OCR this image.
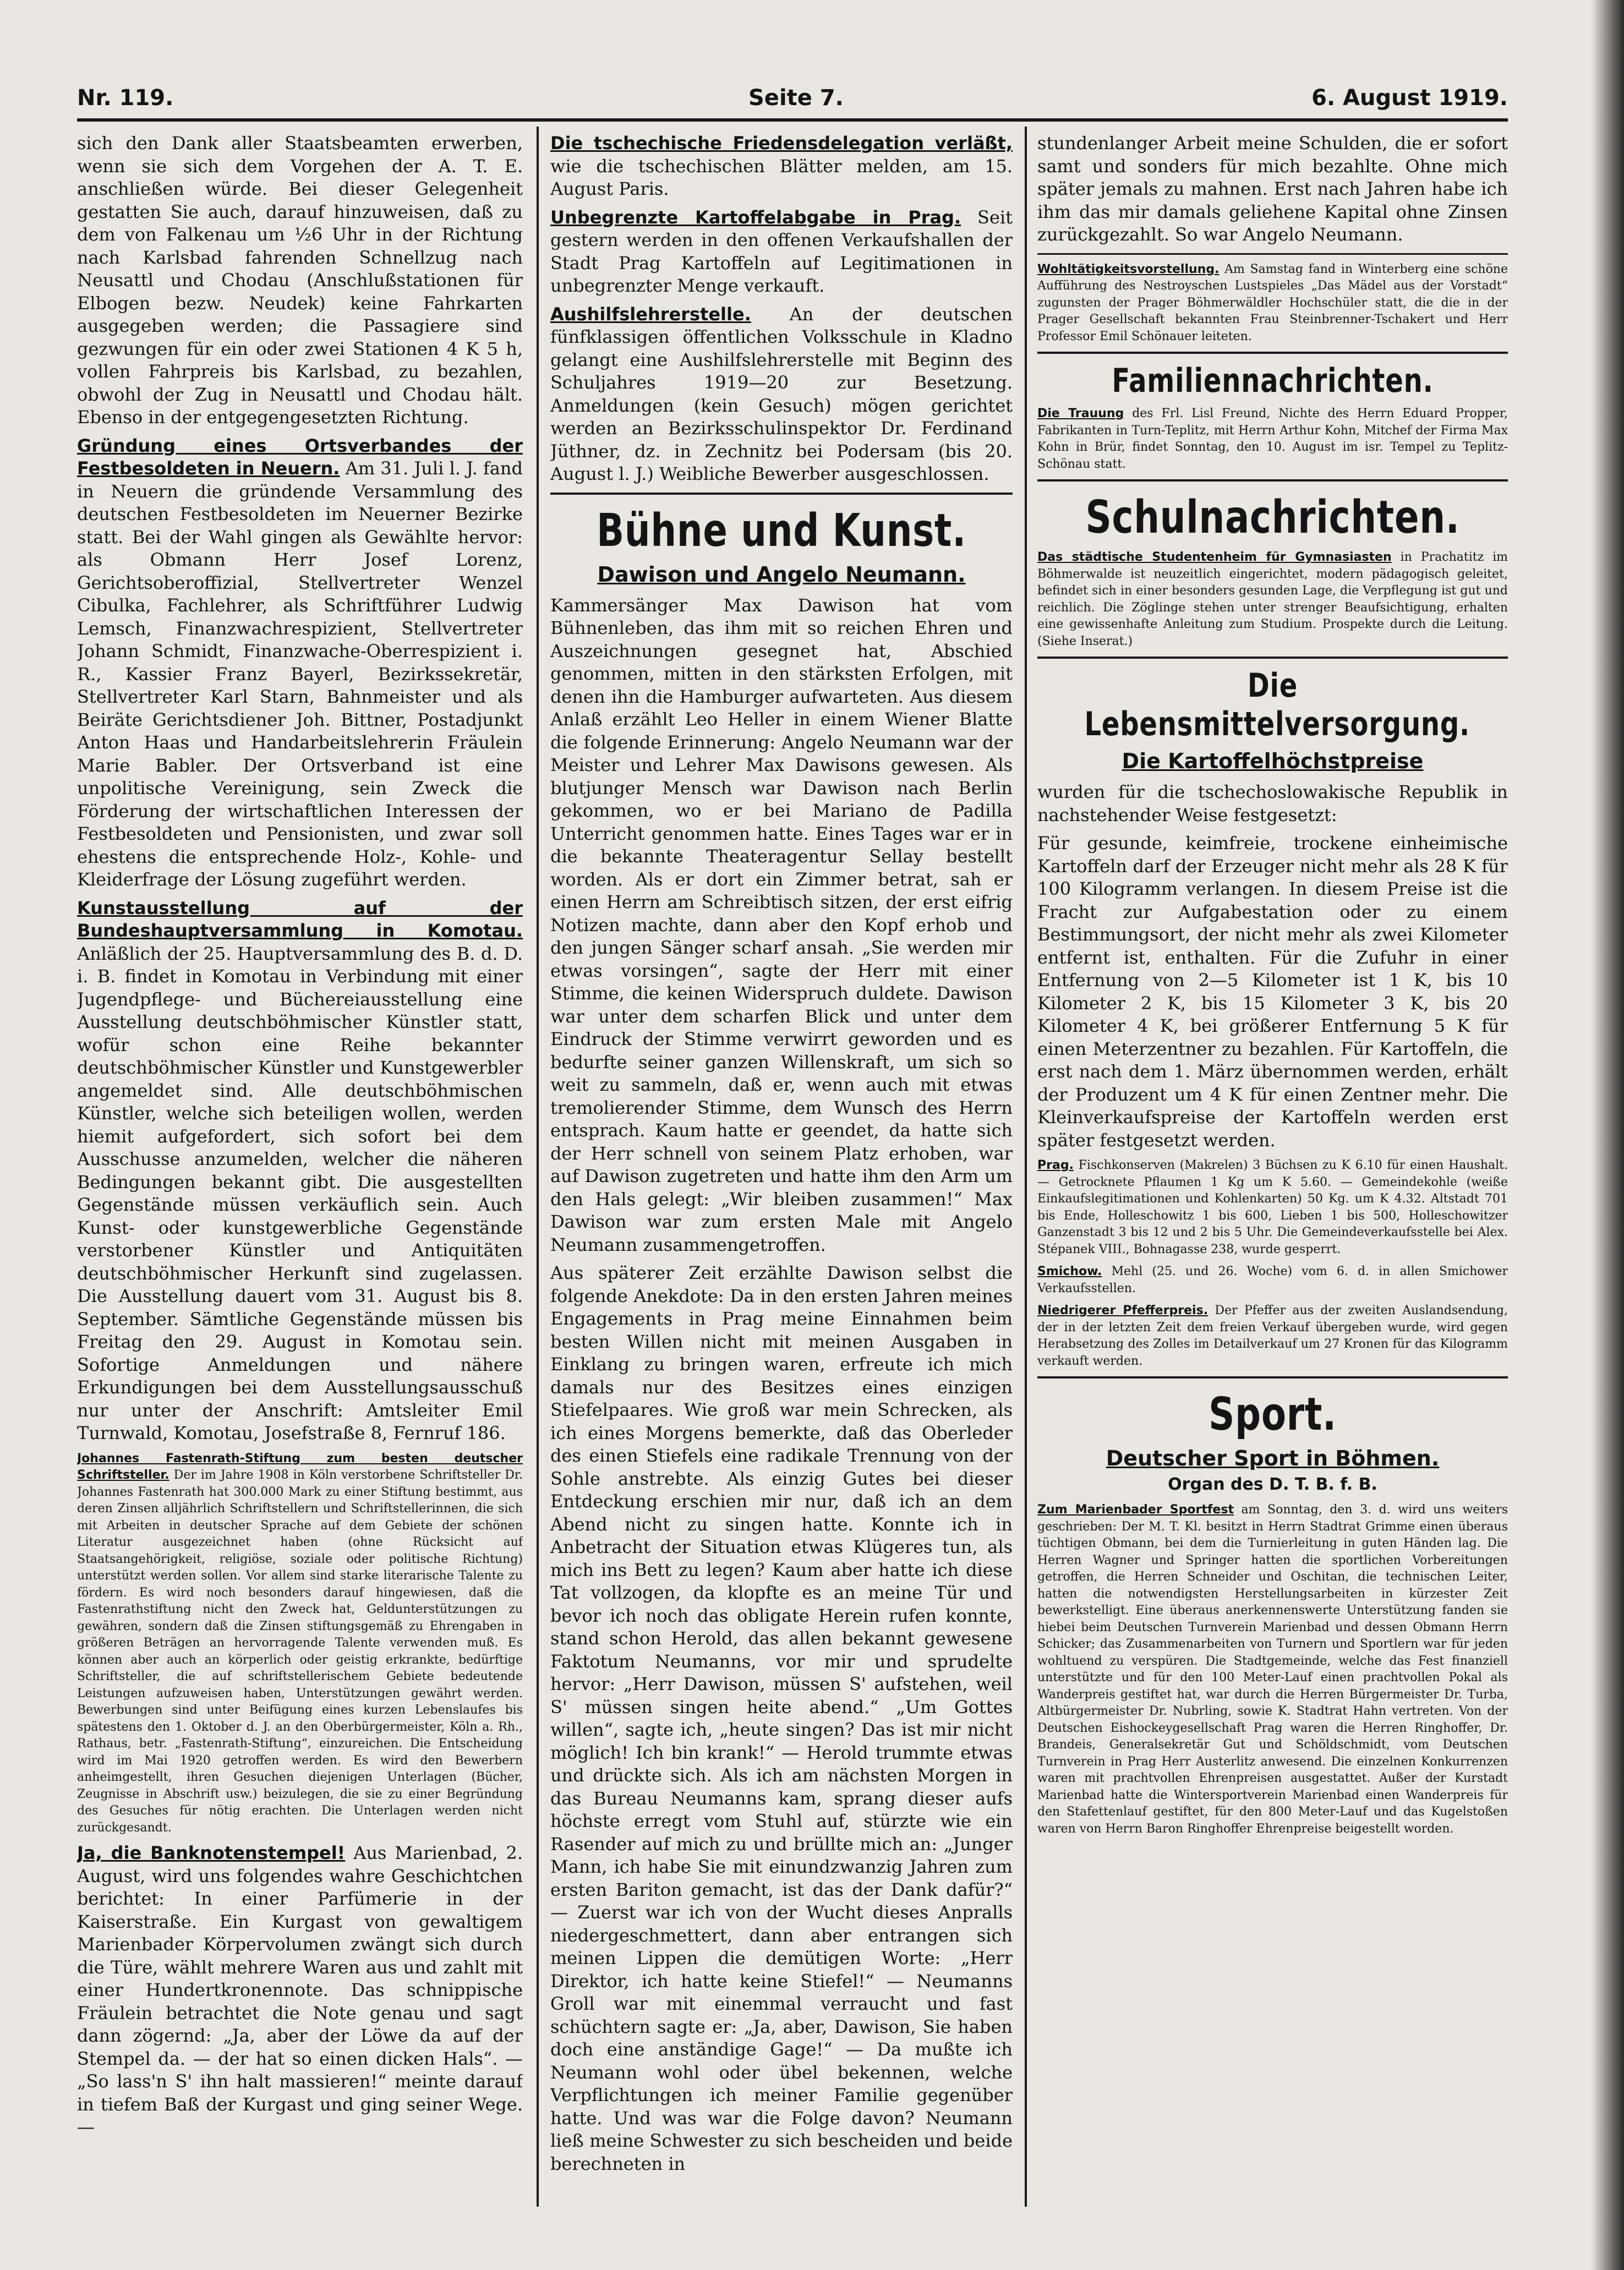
Nr. 119.	Seite 7.	6. August 1919.

sich den Dank aller Staatsbeamten erwerben, wenn sie sich dem Vorgehen der A. T. E. anschließen würde. Bei dieser Gelegenheit gestatten Sie auch, darauf hinzuweisen, daß zu dem von Falkenau um ½6 Uhr in der Richtung nach Karlsbad fahrenden Schnellzug nach Neusattl und Chodau (Anschlußstationen für Elbogen bezw. Neudek) keine Fahrkarten ausgegeben werden; die Passagiere sind gezwungen für ein oder zwei Stationen 4 K 5 h, vollen Fahrpreis bis Karlsbad, zu bezahlen, obwohl der Zug in Neusattl und Chodau hält. Ebenso in der entgegengesetzten Richtung.

Gründung eines Ortsverbandes der Festbesoldeten in Neuern. Am 31. Juli l. J. fand in Neuern die gründende Versammlung des deutschen Festbesoldeten im Neuerner Bezirke statt. Bei der Wahl gingen als Gewählte hervor: als Obmann Herr Josef Lorenz, Gerichtsoberoffizial, Stellvertreter Wenzel Cibulka, Fachlehrer, als Schriftführer Ludwig Lemsch, Finanzwachrespizient, Stellvertreter Johann Schmidt, Finanzwache-Oberrespizient i. R., Kassier Franz Bayerl, Bezirkssekretär, Stellvertreter Karl Starn, Bahnmeister und als Beiräte Gerichtsdiener Joh. Bittner, Postadjunkt Anton Haas und Handarbeitslehrerin Fräulein Marie Babler. Der Ortsverband ist eine unpolitische Vereinigung, sein Zweck die Förderung der wirtschaftlichen Interessen der Festbesoldeten und Pensionisten, und zwar soll ehestens die entsprechende Holz-, Kohle- und Kleiderfrage der Lösung zugeführt werden.

Kunstausstellung auf der Bundeshauptversammlung in Komotau. Anläßlich der 25. Hauptversammlung des B. d. D. i. B. findet in Komotau in Verbindung mit einer Jugendpflege- und Büchereiausstellung eine Ausstellung deutschböhmischer Künstler statt, wofür schon eine Reihe bekannter deutschböhmischer Künstler und Kunstgewerbler angemeldet sind. Alle deutschböhmischen Künstler, welche sich beteiligen wollen, werden hiemit aufgefordert, sich sofort bei dem Ausschusse anzumelden, welcher die näheren Bedingungen bekannt gibt. Die ausgestellten Gegenstände müssen verkäuflich sein. Auch Kunst- oder kunstgewerbliche Gegenstände verstorbener Künstler und Antiquitäten deutschböhmischer Herkunft sind zugelassen. Die Ausstellung dauert vom 31. August bis 8. September. Sämtliche Gegenstände müssen bis Freitag den 29. August in Komotau sein. Sofortige Anmeldungen und nähere Erkundigungen bei dem Ausstellungsausschuß nur unter der Anschrift: Amtsleiter Emil Turnwald, Komotau, Josefstraße 8, Fernruf 186.

Johannes Fastenrath-Stiftung zum besten deutscher Schriftsteller. Der im Jahre 1908 in Köln verstorbene Schriftsteller Dr. Johannes Fastenrath hat 300.000 Mark zu einer Stiftung bestimmt, aus deren Zinsen alljährlich Schriftstellern und Schriftstellerinnen, die sich mit Arbeiten in deutscher Sprache auf dem Gebiete der schönen Literatur ausgezeichnet haben (ohne Rücksicht auf Staatsangehörigkeit, religiöse, soziale oder politische Richtung) unterstützt werden sollen. Vor allem sind starke literarische Talente zu fördern. Es wird noch besonders darauf hingewiesen, daß die Fastenrathstiftung nicht den Zweck hat, Geldunterstützungen zu gewähren, sondern daß die Zinsen stiftungsgemäß zu Ehrengaben in größeren Beträgen an hervorragende Talente verwenden muß. Es können aber auch an körperlich oder geistig erkrankte, bedürftige Schriftsteller, die auf schriftstellerischem Gebiete bedeutende Leistungen aufzuweisen haben, Unterstützungen gewährt werden. Bewerbungen sind unter Beifügung eines kurzen Lebenslaufes bis spätestens den 1. Oktober d. J. an den Oberbürgermeister, Köln a. Rh., Rathaus, betr. „Fastenrath-Stiftung“, einzureichen. Die Entscheidung wird im Mai 1920 getroffen werden. Es wird den Bewerbern anheimgestellt, ihren Gesuchen diejenigen Unterlagen (Bücher, Zeugnisse in Abschrift usw.) beizulegen, die sie zu einer Begründung des Gesuches für nötig erachten. Die Unterlagen werden nicht zurückgesandt.

Ja, die Banknotenstempel! Aus Marienbad, 2. August, wird uns folgendes wahre Geschichtchen berichtet: In einer Parfümerie in der Kaiserstraße. Ein Kurgast von gewaltigem Marienbader Körpervolumen zwängt sich durch die Türe, wählt mehrere Waren aus und zahlt mit einer Hundertkronennote. Das schnippische Fräulein betrachtet die Note genau und sagt dann zögernd: „Ja, aber der Löwe da auf der Stempel da. — der hat so einen dicken Hals“. — „So lass'n S' ihn halt massieren!“ meinte darauf in tiefem Baß der Kurgast und ging seiner Wege. —

Die tschechische Friedensdelegation verläßt, wie die tschechischen Blätter melden, am 15. August Paris.

Unbegrenzte Kartoffelabgabe in Prag. Seit gestern werden in den offenen Verkaufshallen der Stadt Prag Kartoffeln auf Legitimationen in unbegrenzter Menge verkauft.

Aushilfslehrerstelle. An der deutschen fünfklassigen öffentlichen Volksschule in Kladno gelangt eine Aushilfslehrerstelle mit Beginn des Schuljahres 1919—20 zur Besetzung. Anmeldungen (kein Gesuch) mögen gerichtet werden an Bezirksschulinspektor Dr. Ferdinand Jüthner, dz. in Zechnitz bei Podersam (bis 20. August l. J.) Weibliche Bewerber ausgeschlossen.

Bühne und Kunst.
Dawison und Angelo Neumann.

Kammersänger Max Dawison hat vom Bühnenleben, das ihm mit so reichen Ehren und Auszeichnungen gesegnet hat, Abschied genommen, mitten in den stärksten Erfolgen, mit denen ihn die Hamburger aufwarteten. Aus diesem Anlaß erzählt Leo Heller in einem Wiener Blatte die folgende Erinnerung: Angelo Neumann war der Meister und Lehrer Max Dawisons gewesen. Als blutjunger Mensch war Dawison nach Berlin gekommen, wo er bei Mariano de Padilla Unterricht genommen hatte. Eines Tages war er in die bekannte Theateragentur Sellay bestellt worden. Als er dort ein Zimmer betrat, sah er einen Herrn am Schreibtisch sitzen, der erst eifrig Notizen machte, dann aber den Kopf erhob und den jungen Sänger scharf ansah. „Sie werden mir etwas vorsingen“, sagte der Herr mit einer Stimme, die keinen Widerspruch duldete. Dawison war unter dem scharfen Blick und unter dem Eindruck der Stimme verwirrt geworden und es bedurfte seiner ganzen Willenskraft, um sich so weit zu sammeln, daß er, wenn auch mit etwas tremolierender Stimme, dem Wunsch des Herrn entsprach. Kaum hatte er geendet, da hatte sich der Herr schnell von seinem Platz erhoben, war auf Dawison zugetreten und hatte ihm den Arm um den Hals gelegt: „Wir bleiben zusammen!“ Max Dawison war zum ersten Male mit Angelo Neumann zusammengetroffen.

Aus späterer Zeit erzählte Dawison selbst die folgende Anekdote: Da in den ersten Jahren meines Engagements in Prag meine Einnahmen beim besten Willen nicht mit meinen Ausgaben in Einklang zu bringen waren, erfreute ich mich damals nur des Besitzes eines einzigen Stiefelpaares. Wie groß war mein Schrecken, als ich eines Morgens bemerkte, daß das Oberleder des einen Stiefels eine radikale Trennung von der Sohle anstrebte. Als einzig Gutes bei dieser Entdeckung erschien mir nur, daß ich an dem Abend nicht zu singen hatte. Konnte ich in Anbetracht der Situation etwas Klügeres tun, als mich ins Bett zu legen? Kaum aber hatte ich diese Tat vollzogen, da klopfte es an meine Tür und bevor ich noch das obligate Herein rufen konnte, stand schon Herold, das allen bekannt gewesene Faktotum Neumanns, vor mir und sprudelte hervor: „Herr Dawison, müssen S' aufstehen, weil S' müssen singen heite abend.“ „Um Gottes willen“, sagte ich, „heute singen? Das ist mir nicht möglich! Ich bin krank!“ — Herold trummte etwas und drückte sich. Als ich am nächsten Morgen in das Bureau Neumanns kam, sprang dieser aufs höchste erregt vom Stuhl auf, stürzte wie ein Rasender auf mich zu und brüllte mich an: „Junger Mann, ich habe Sie mit einundzwanzig Jahren zum ersten Bariton gemacht, ist das der Dank dafür?“ — Zuerst war ich von der Wucht dieses Anpralls niedergeschmettert, dann aber entrangen sich meinen Lippen die demütigen Worte: „Herr Direktor, ich hatte keine Stiefel!“ — Neumanns Groll war mit einemmal verraucht und fast schüchtern sagte er: „Ja, aber, Dawison, Sie haben doch eine anständige Gage!“ — Da mußte ich Neumann wohl oder übel bekennen, welche Verpflichtungen ich meiner Familie gegenüber hatte. Und was war die Folge davon? Neumann ließ meine Schwester zu sich bescheiden und beide berechneten in

stundenlanger Arbeit meine Schulden, die er sofort samt und sonders für mich bezahlte. Ohne mich später jemals zu mahnen. Erst nach Jahren habe ich ihm das mir damals geliehene Kapital ohne Zinsen zurückgezahlt. So war Angelo Neumann.

Wohltätigkeitsvorstellung. Am Samstag fand in Winterberg eine schöne Aufführung des Nestroyschen Lustspieles „Das Mädel aus der Vorstadt“ zugunsten der Prager Böhmerwäldler Hochschüler statt, die die in der Prager Gesellschaft bekannten Frau Steinbrenner-Tschakert und Herr Professor Emil Schönauer leiteten.

Familiennachrichten.

Die Trauung des Frl. Lisl Freund, Nichte des Herrn Eduard Propper, Fabrikanten in Turn-Teplitz, mit Herrn Arthur Kohn, Mitchef der Firma Max Kohn in Brür, findet Sonntag, den 10. August im isr. Tempel zu Teplitz-Schönau statt.

Schulnachrichten.

Das städtische Studentenheim für Gymnasiasten in Prachatitz im Böhmerwalde ist neuzeitlich eingerichtet, modern pädagogisch geleitet, befindet sich in einer besonders gesunden Lage, die Verpflegung ist gut und reichlich. Die Zöglinge stehen unter strenger Beaufsichtigung, erhalten eine gewissenhafte Anleitung zum Studium. Prospekte durch die Leitung. (Siehe Inserat.)

Die Lebensmittelversorgung.
Die Kartoffelhöchstpreise

wurden für die tschechoslowakische Republik in nachstehender Weise festgesetzt:

Für gesunde, keimfreie, trockene einheimische Kartoffeln darf der Erzeuger nicht mehr als 28 K für 100 Kilogramm verlangen. In diesem Preise ist die Fracht zur Aufgabestation oder zu einem Bestimmungsort, der nicht mehr als zwei Kilometer entfernt ist, enthalten. Für die Zufuhr in einer Entfernung von 2—5 Kilometer ist 1 K, bis 10 Kilometer 2 K, bis 15 Kilometer 3 K, bis 20 Kilometer 4 K, bei größerer Entfernung 5 K für einen Meterzentner zu bezahlen. Für Kartoffeln, die erst nach dem 1. März übernommen werden, erhält der Produzent um 4 K für einen Zentner mehr. Die Kleinverkaufspreise der Kartoffeln werden erst später festgesetzt werden.

Prag. Fischkonserven (Makrelen) 3 Büchsen zu K 6.10 für einen Haushalt. — Getrocknete Pflaumen 1 Kg um K 5.60. — Gemeindekohle (weiße Einkaufslegitimationen und Kohlenkarten) 50 Kg. um K 4.32. Altstadt 701 bis Ende, Holleschowitz 1 bis 600, Lieben 1 bis 500, Holleschowitzer Ganzenstadt 3 bis 12 und 2 bis 5 Uhr. Die Gemeindeverkaufsstelle bei Alex. Stépanek VIII., Bohnagasse 238, wurde gesperrt.

Smichow. Mehl (25. und 26. Woche) vom 6. d. in allen Smichower Verkaufsstellen.

Niedrigerer Pfefferpreis. Der Pfeffer aus der zweiten Auslandsendung, der in der letzten Zeit dem freien Verkauf übergeben wurde, wird gegen Herabsetzung des Zolles im Detailverkauf um 27 Kronen für das Kilogramm verkauft werden.

Sport.
Deutscher Sport in Böhmen.
Organ des D. T. B. f. B.

Zum Marienbader Sportfest am Sonntag, den 3. d. wird uns weiters geschrieben: Der M. T. Kl. besitzt in Herrn Stadtrat Grimme einen überaus tüchtigen Obmann, bei dem die Turnierleitung in guten Händen lag. Die Herren Wagner und Springer hatten die sportlichen Vorbereitungen getroffen, die Herren Schneider und Oschitan, die technischen Leiter, hatten die notwendigsten Herstellungsarbeiten in kürzester Zeit bewerkstelligt. Eine überaus anerkennenswerte Unterstützung fanden sie hiebei beim Deutschen Turnverein Marienbad und dessen Obmann Herrn Schicker; das Zusammenarbeiten von Turnern und Sportlern war für jeden wohltuend zu verspüren. Die Stadtgemeinde, welche das Fest finanziell unterstützte und für den 100 Meter-Lauf einen prachtvollen Pokal als Wanderpreis gestiftet hat, war durch die Herren Bürgermeister Dr. Turba, Altbürgermeister Dr. Nubrling, sowie K. Stadtrat Hahn vertreten. Von der Deutschen Eishockeygesellschaft Prag waren die Herren Ringhoffer, Dr. Brandeis, Generalsekretär Gut und Schöldschmidt, vom Deutschen Turnverein in Prag Herr Austerlitz anwesend. Die einzelnen Konkurrenzen waren mit prachtvollen Ehrenpreisen ausgestattet. Außer der Kurstadt Marienbad hatte die Wintersportverein Marienbad einen Wanderpreis für den Stafettenlauf gestiftet, für den 800 Meter-Lauf und das Kugelstoßen waren von Herrn Baron Ringhoffer Ehrenpreise beigestellt worden.
